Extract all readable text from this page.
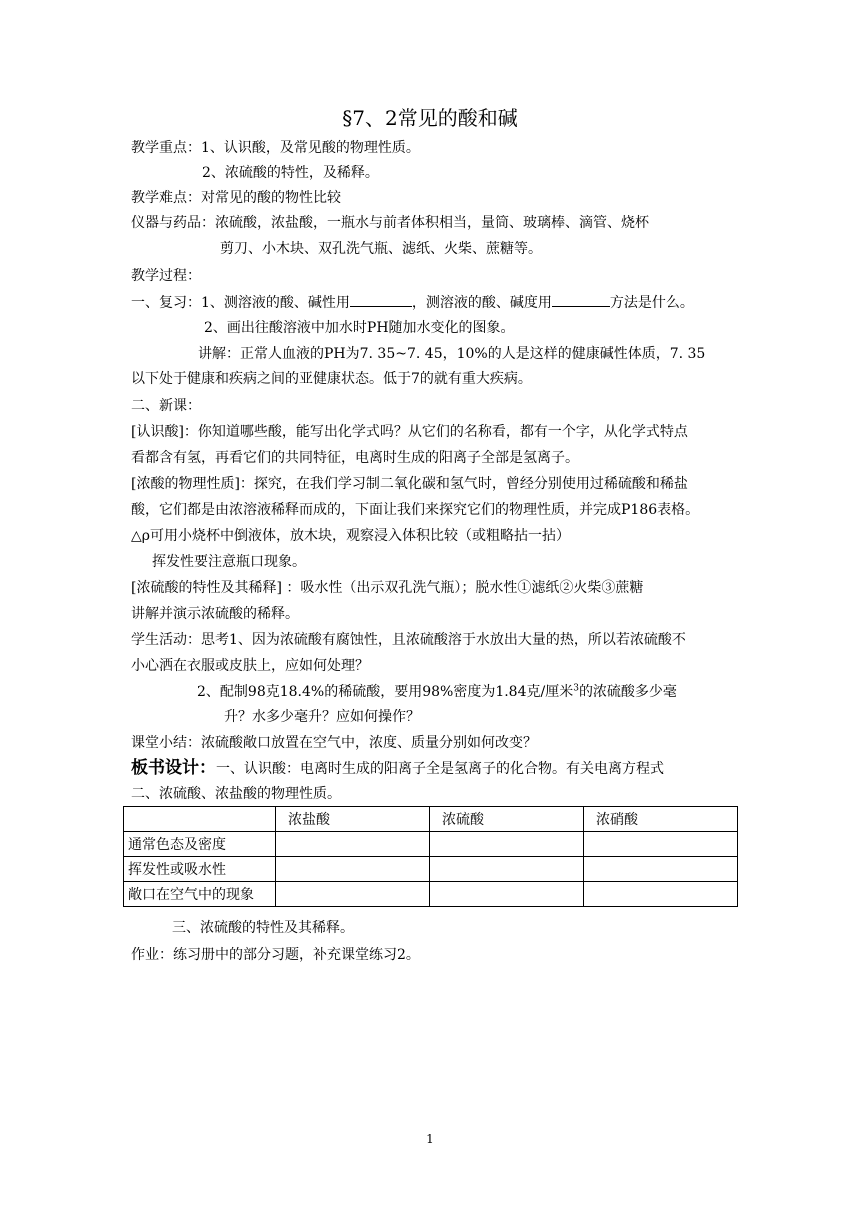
§7、2常见的酸和碱
教学重点：1、认识酸，及常见酸的物理性质。
2、浓硫酸的特性，及稀释。
教学难点：对常见的酸的物性比较
仪器与药品：浓硫酸，浓盐酸，一瓶水与前者体积相当，量筒、玻璃棒、滴管、烧杯
剪刀、小木块、双孔洗气瓶、滤纸、火柴、蔗糖等。
教学过程：
一、复习：1、测溶液的酸、碱性用	，测溶液的酸、碱度用	方法是什么。
2、画出往酸溶液中加水时PH随加水变化的图象。
讲解：正常人血液的PH为7. 35~7. 45，10%的人是这样的健康碱性体质，7. 35
以下处于健康和疾病之间的亚健康状态。低于7的就有重大疾病。
二、新课：
[认识酸]：你知道哪些酸，能写出化学式吗？从它们的名称看，都有一个字，从化学式特点
看都含有氢，再看它们的共同特征，电离时生成的阳离子全部是氢离子。
[浓酸的物理性质]：探究，在我们学习制二氧化碳和氢气时，曾经分别使用过稀硫酸和稀盐
酸，它们都是由浓溶液稀释而成的，下面让我们来探究它们的物理性质，并完成P186表格。
△ρ可用小烧杯中倒液体，放木块，观察浸入体积比较（或粗略拈一拈）
挥发性要注意瓶口现象。
[浓硫酸的特性及其稀释] ：吸水性（出示双孔洗气瓶）；脱水性①滤纸②火柴③蔗糖
讲解并演示浓硫酸的稀释。
学生活动：思考1、因为浓硫酸有腐蚀性，且浓硫酸溶于水放出大量的热，所以若浓硫酸不
小心洒在衣服或皮肤上，应如何处理？
2、配制98克18.4%的稀硫酸，要用98%密度为1.84克/厘米$^3$的浓硫酸多少毫
升？水多少毫升？应如何操作？
课堂小结：浓硫酸敞口放置在空气中，浓度、质量分别如何改变？
板书设计：一、认识酸：电离时生成的阳离子全是氢离子的化合物。有关电离方程式
二、浓硫酸、浓盐酸的物理性质。
	浓盐酸	浓硫酸	浓硝酸
通常色态及密度			
挥发性或吸水性			
敞口在空气中的现象			
三、浓硫酸的特性及其稀释。
作业：练习册中的部分习题，补充课堂练习2。
1
